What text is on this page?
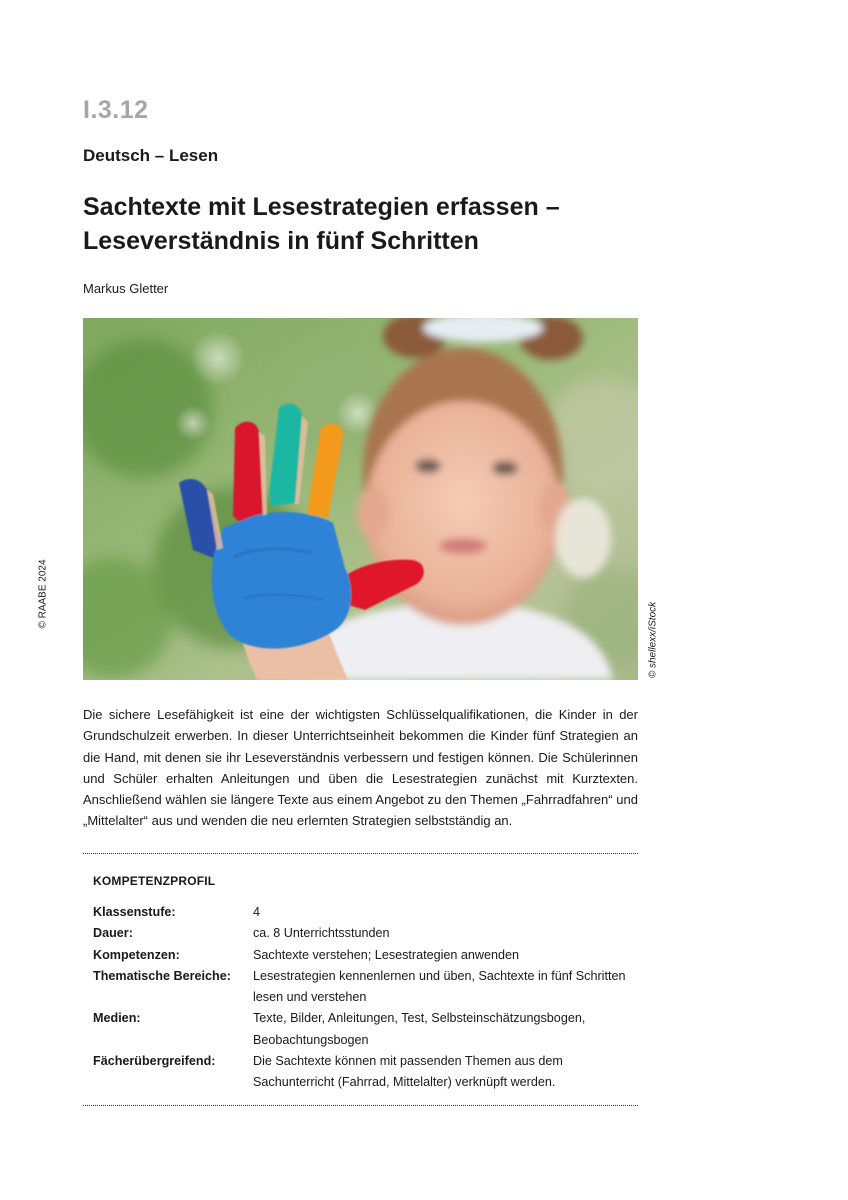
I.3.12
Deutsch – Lesen
Sachtexte mit Lesestrategien erfassen –
Leseverständnis in fünf Schritten
Markus Gletter
© RAABE 2024
© shellexx/iStock
Die sichere Lesefähigkeit ist eine der wichtigsten Schlüsselqualifikationen, die Kinder in der Grundschulzeit erwerben. In dieser Unterrichtseinheit bekommen die Kinder fünf Strategien an die Hand, mit denen sie ihr Leseverständnis verbessern und festigen können. Die Schülerinnen und Schüler erhalten Anleitungen und üben die Lesestrategien zunächst mit Kurztexten. Anschließend wählen sie längere Texte aus einem Angebot zu den Themen „Fahrradfahren“ und „Mittelalter“ aus und wenden die neu erlernten Strategien selbstständig an.
KOMPETENZPROFIL
Klassenstufe:	4
Dauer:	ca. 8 Unterrichtsstunden
Kompetenzen:	Sachtexte verstehen; Lesestrategien anwenden
Thematische Bereiche:	Lesestrategien kennenlernen und üben, Sachtexte in fünf Schritten lesen und verstehen
Medien:	Texte, Bilder, Anleitungen, Test, Selbsteinschätzungsbogen, Beobachtungsbogen
Fächerübergreifend:	Die Sachtexte können mit passenden Themen aus dem Sachunterricht (Fahrrad, Mittelalter) verknüpft werden.
